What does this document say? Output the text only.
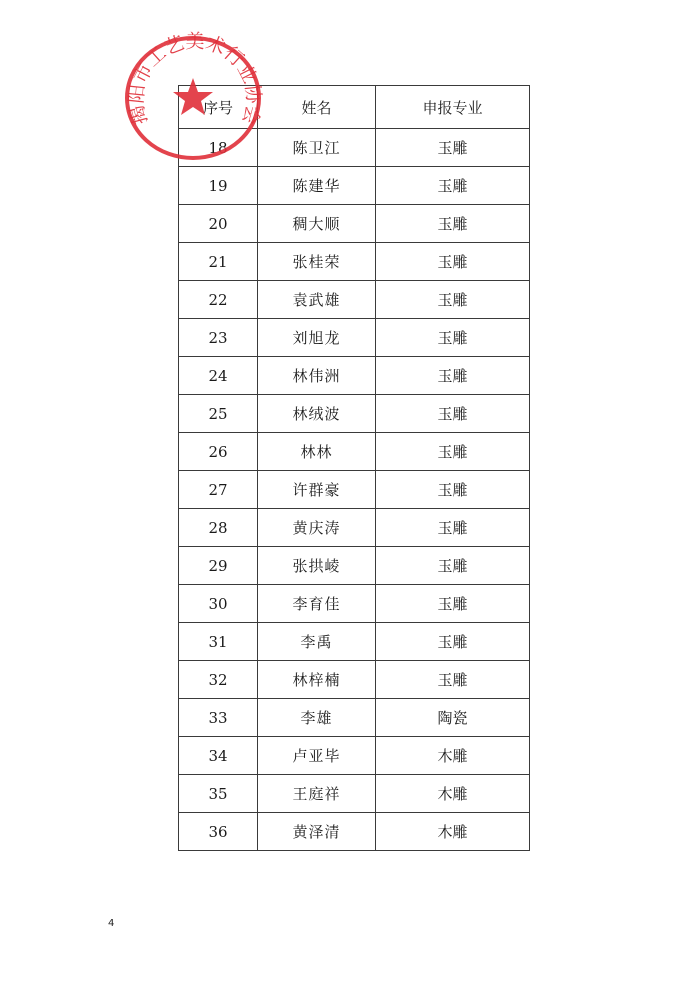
序号	姓名	申报专业
18	陈卫江	玉雕
19	陈建华	玉雕
20	稠大顺	玉雕
21	张桂荣	玉雕
22	袁武雄	玉雕
23	刘旭龙	玉雕
24	林伟洲	玉雕
25	林绒波	玉雕
26	林林	玉雕
27	许群豪	玉雕
28	黄庆涛	玉雕
29	张拱崚	玉雕
30	李育佳	玉雕
31	李禹	玉雕
32	林梓楠	玉雕
33	李雄	陶瓷
34	卢亚毕	木雕
35	王庭祥	木雕
36	黄泽清	木雕
揭阳市工艺美术行业协会
4
